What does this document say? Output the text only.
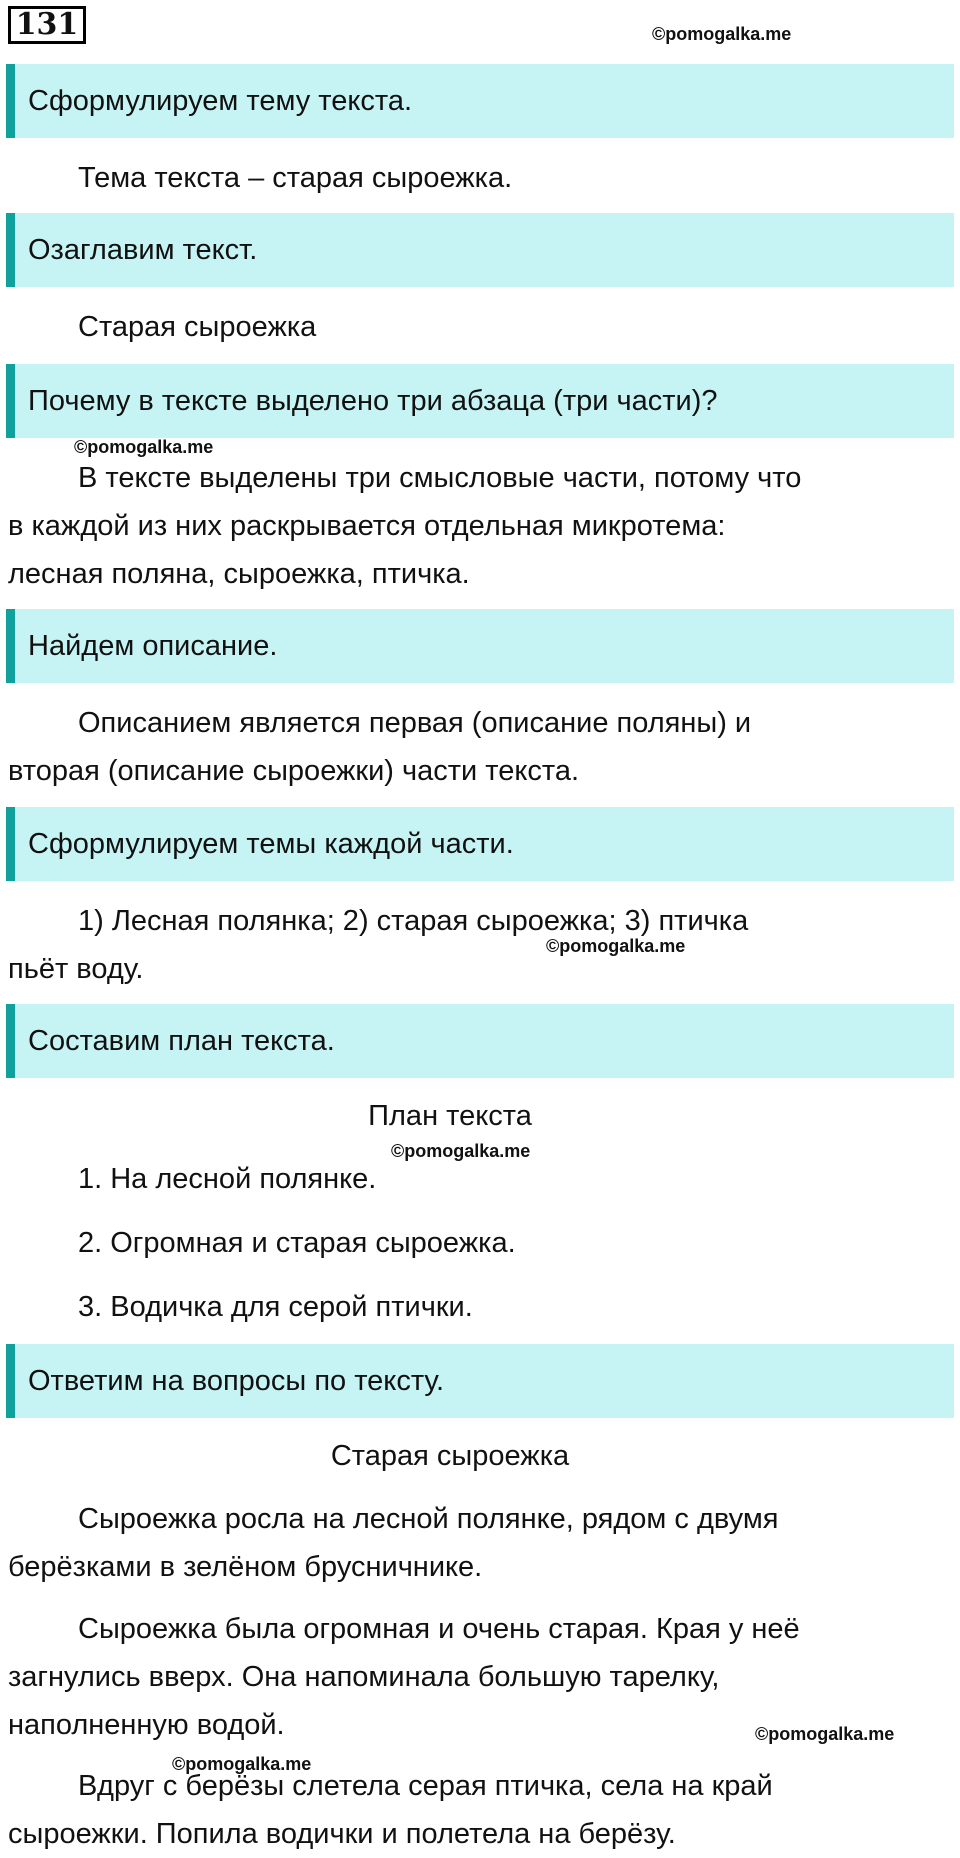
131	©pomogalka.me
Сформулируем тему текста.
Тема текста – старая сыроежка.
Озаглавим текст.
Старая сыроежка
Почему в тексте выделено три абзаца (три части)?
©pomogalka.me
В тексте выделены три смысловые части, потому что
в каждой из них раскрывается отдельная микротема:
лесная поляна, сыроежка, птичка.
Найдем описание.
Описанием является первая (описание поляны) и
вторая (описание сыроежки) части текста.
Сформулируем темы каждой части.
1) Лесная полянка; 2) старая сыроежка; 3) птичка
©pomogalka.me
пьёт воду.
Составим план текста.
План текста
©pomogalka.me
1. На лесной полянке.
2. Огромная и старая сыроежка.
3. Водичка для серой птички.
Ответим на вопросы по тексту.
Старая сыроежка
Сыроежка росла на лесной полянке, рядом с двумя
берёзками в зелёном брусничнике.
Сыроежка была огромная и очень старая. Края у неё
загнулись вверх. Она напоминала большую тарелку,
наполненную водой.	©pomogalka.me
©pomogalka.me
Вдруг с берёзы слетела серая птичка, села на край
сыроежки. Попила водички и полетела на берёзу.
